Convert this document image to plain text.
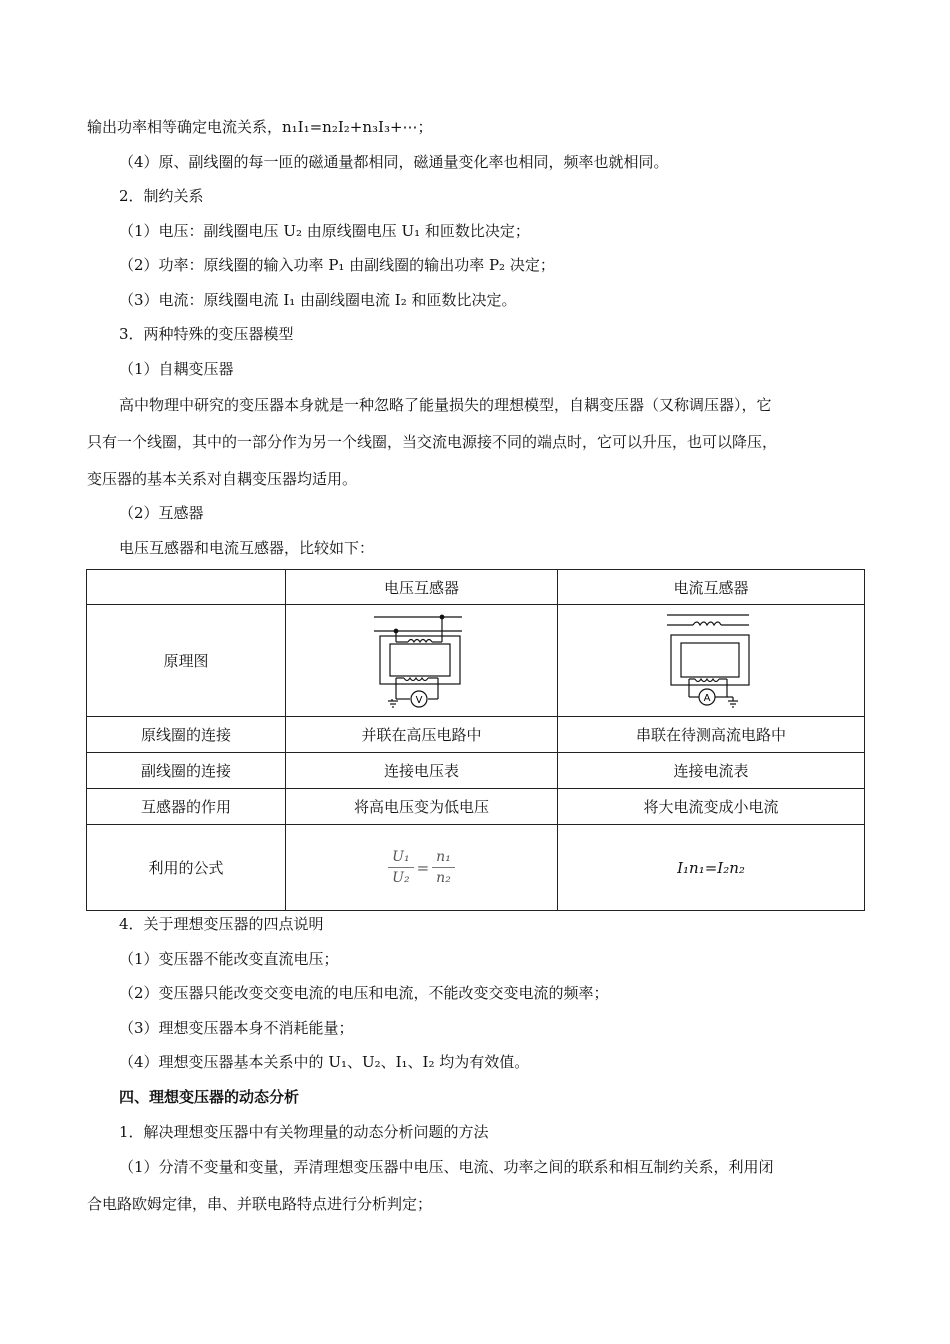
输出功率相等确定电流关系，n₁I₁=n₂I₂+n₃I₃+⋯；
（4）原、副线圈的每一匝的磁通量都相同，磁通量变化率也相同，频率也就相同。
2．制约关系
（1）电压：副线圈电压 U₂ 由原线圈电压 U₁ 和匝数比决定；
（2）功率：原线圈的输入功率 P₁ 由副线圈的输出功率 P₂ 决定；
（3）电流：原线圈电流 I₁ 由副线圈电流 I₂ 和匝数比决定。
3．两种特殊的变压器模型
（1）自耦变压器
高中物理中研究的变压器本身就是一种忽略了能量损失的理想模型，自耦变压器（又称调压器），它
只有一个线圈，其中的一部分作为另一个线圈，当交流电源接不同的端点时，它可以升压，也可以降压，
变压器的基本关系对自耦变压器均适用。
（2）互感器
电压互感器和电流互感器，比较如下：
	电压互感器	电流互感器
原理图	V	A

原线圈的连接	并联在高压电路中	串联在待测高流电路中
副线圈的连接	连接电压表	连接电流表
互感器的作用	将高电压变为低电压	将大电流变成小电流
利用的公式	$\frac{\text{U₁}}{\text{U₂}} = \frac{\text{n₁}}{\text{n₂}}$	I₁n₁=I₂n₂
4．关于理想变压器的四点说明
（1）变压器不能改变直流电压；
（2）变压器只能改变交变电流的电压和电流，不能改变交变电流的频率；
（3）理想变压器本身不消耗能量；
（4）理想变压器基本关系中的 U₁、U₂、I₁、I₂ 均为有效值。
四、理想变压器的动态分析
1．解决理想变压器中有关物理量的动态分析问题的方法
（1）分清不变量和变量，弄清理想变压器中电压、电流、功率之间的联系和相互制约关系，利用闭
合电路欧姆定律，串、并联电路特点进行分析判定；
